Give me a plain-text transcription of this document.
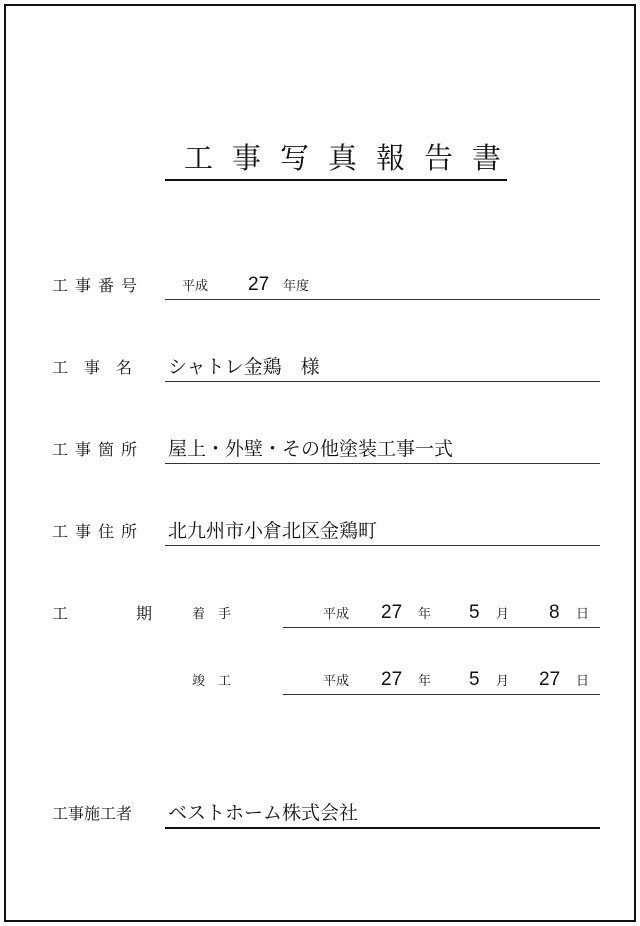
工事写真報告書
工事番号	平成 27 年度
工　事　名 シャトレ金鶏　様
工事箇所 屋上・外壁・その他塗装工事一式
工事住所 北九州市小倉北区金鶏町
工　期 着　手	平成 27 年 5 月 8 日
竣　工	平成 27 年 5 月 27 日
工事施工者 ベストホーム株式会社
